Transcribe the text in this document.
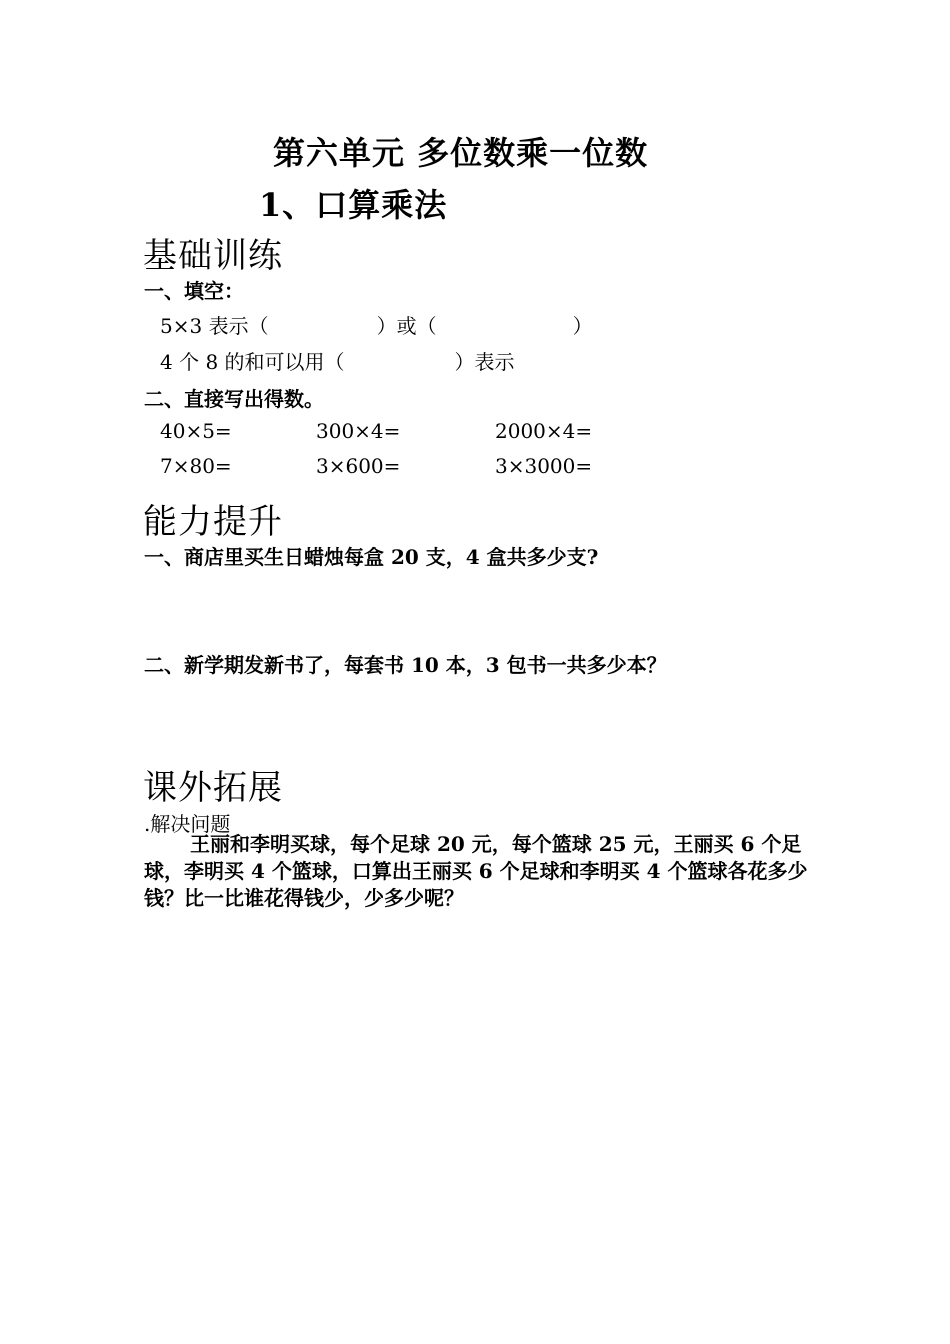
第六单元 多位数乘一位数
1、口算乘法
基础训练
一、填空：
5×3 表示（	）或（	）
4 个 8 的和可以用（	）表示
二、直接写出得数。
40×5=	300×4=	2000×4=
7×80=	3×600=	3×3000=
能力提升
一、商店里买生日蜡烛每盒 20 支，4 盒共多少支?
二、新学期发新书了，每套书 10 本，3 包书一共多少本？
课外拓展
.解决问题
王丽和李明买球，每个足球 20 元，每个篮球 25 元，王丽买 6 个足球，李明买 4 个篮球，口算出王丽买 6 个足球和李明买 4 个篮球各花多少钱？比一比谁花得钱少，少多少呢？
